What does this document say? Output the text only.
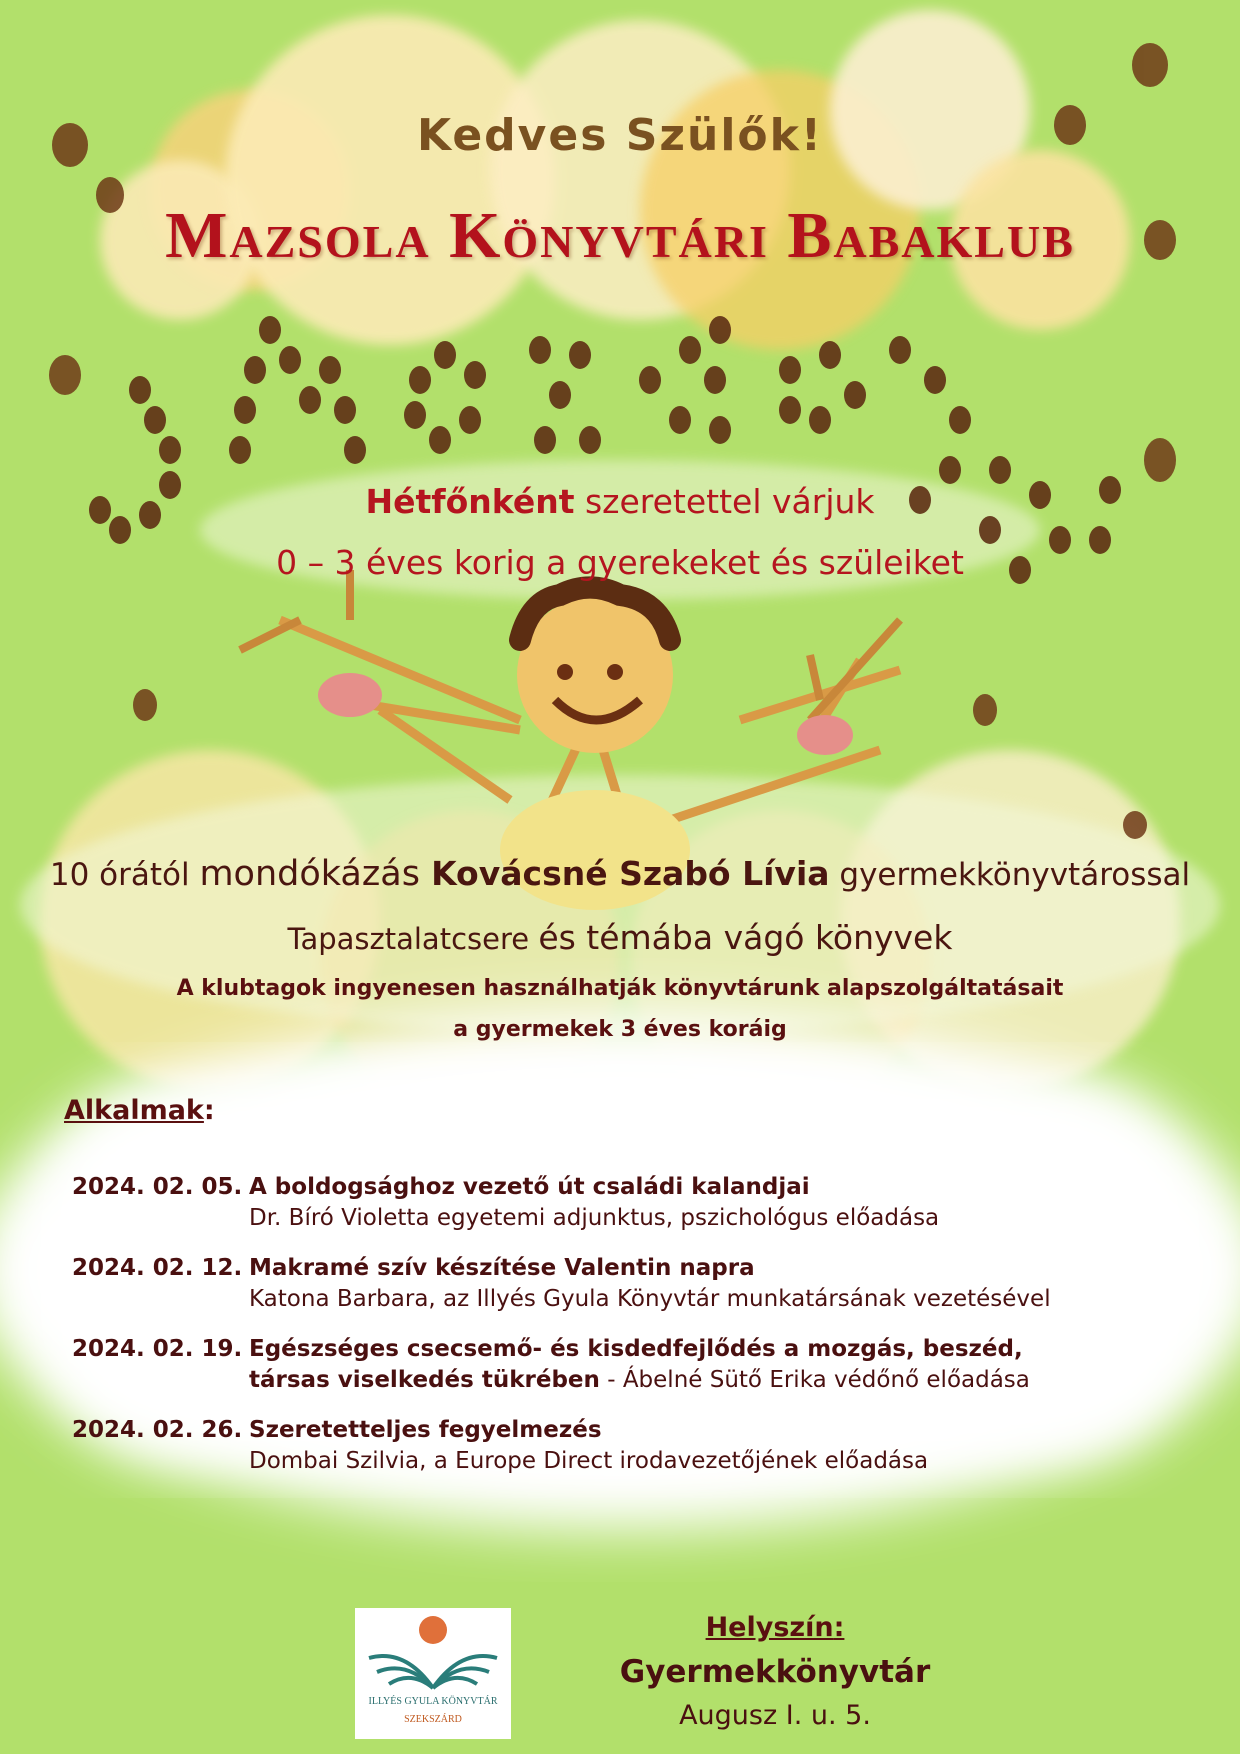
Kedves Szülők!
Mazsola Könyvtári Babaklub
Hétfőnként szeretettel várjuk
0 – 3 éves korig a gyerekeket és szüleiket
10 órától mondókázás Kovácsné Szabó Lívia gyermekkönyvtárossal
Tapasztalatcsere és témába vágó könyvek
A klubtagok ingyenesen használhatják könyvtárunk alapszolgáltatásait
a gyermekek 3 éves koráig
Alkalmak:
2024. 02. 05. A boldogsághoz vezető út családi kalandjai
Dr. Bíró Violetta egyetemi adjunktus, pszichológus előadása
2024. 02. 12. Makramé szív készítése Valentin napra
Katona Barbara, az Illyés Gyula Könyvtár munkatársának vezetésével
2024. 02. 19. Egészséges csecsemő- és kisdedfejlődés a mozgás, beszéd,
társas viselkedés tükrében - Ábelné Sütő Erika védőnő előadása
2024. 02. 26. Szeretetteljes fegyelmezés
Dombai Szilvia, a Europe Direct irodavezetőjének előadása
ILLYÉS GYULA KÖNYVTÁR
SZEKSZÁRD
Helyszín:
Gyermekkönyvtár
Augusz I. u. 5.
